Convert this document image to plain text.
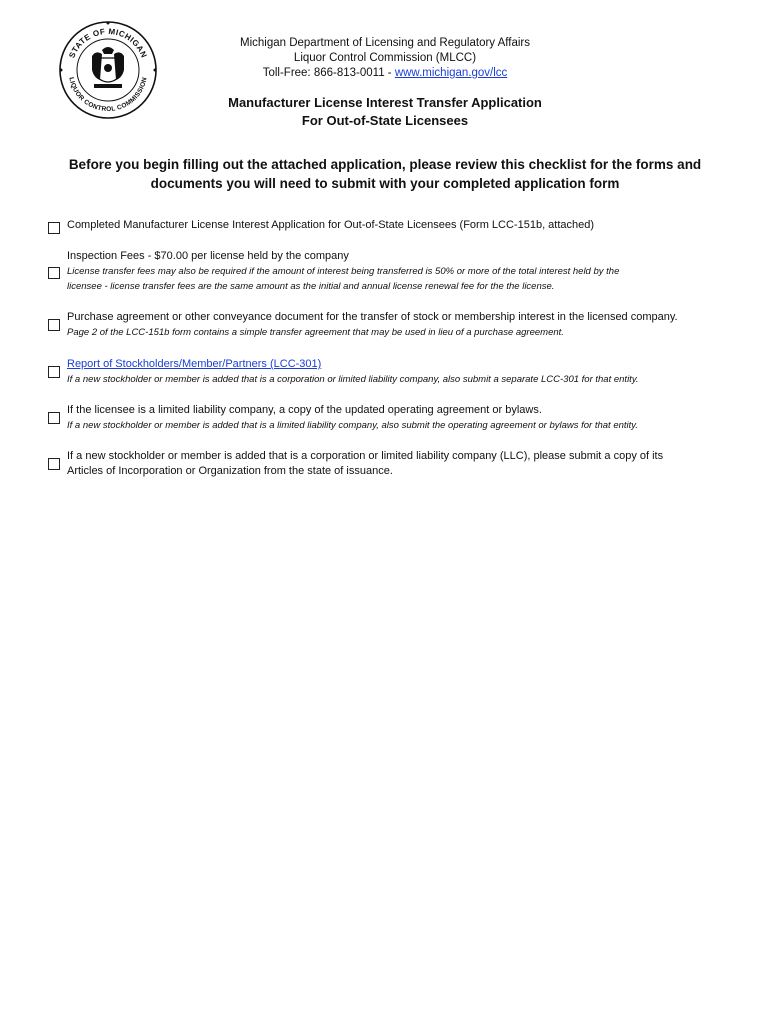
STATE OF MICHIGAN
LIQUOR CONTROL COMMISSION
Michigan Department of Licensing and Regulatory Affairs
Liquor Control Commission (MLCC)
Toll-Free: 866-813-0011 - www.michigan.gov/lcc
Manufacturer License Interest Transfer Application
For Out-of-State Licensees
Before you begin filling out the attached application, please review this checklist for the forms and
documents you will need to submit with your completed application form
Completed Manufacturer License Interest Application for Out-of-State Licensees (Form LCC-151b, attached)
Inspection Fees - $70.00 per license held by the company
License transfer fees may also be required if the amount of interest being transferred is 50% or more of the total interest held by the
licensee - license transfer fees are the same amount as the initial and annual license renewal fee for the the license.
Purchase agreement or other conveyance document for the transfer of stock or membership interest in the licensed company.
Page 2 of the LCC-151b form contains a simple transfer agreement that may be used in lieu of a purchase agreement.
Report of Stockholders/Member/Partners (LCC-301)
If a new stockholder or member is added that is a corporation or limited liability company, also submit a separate LCC-301 for that entity.
If the licensee is a limited liability company, a copy of the updated operating agreement or bylaws.
If a new stockholder or member is added that is a limited liability company, also submit the operating agreement or bylaws for that entity.
If a new stockholder or member is added that is a corporation or limited liability company (LLC), please submit a copy of its
Articles of Incorporation or Organization from the state of issuance.
